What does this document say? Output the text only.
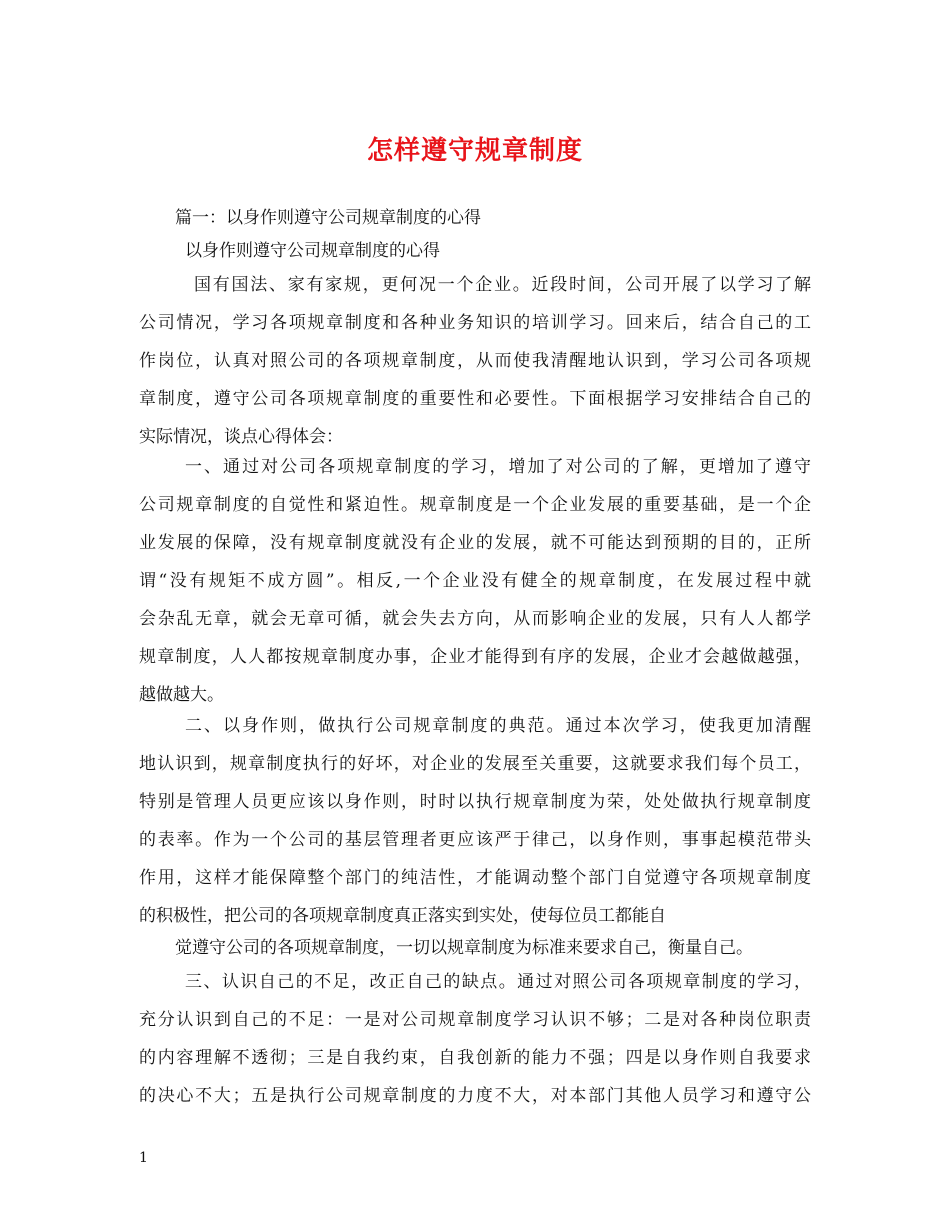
怎样遵守规章制度
篇一：以身作则遵守公司规章制度的心得
以身作则遵守公司规章制度的心得
国有国法、家有家规，更何况一个企业。近段时间，公司开展了以学习了解
公司情况，学习各项规章制度和各种业务知识的培训学习。回来后，结合自己的工
作岗位，认真对照公司的各项规章制度，从而使我清醒地认识到，学习公司各项规
章制度，遵守公司各项规章制度的重要性和必要性。下面根据学习安排结合自己的
实际情况，谈点心得体会：
一、通过对公司各项规章制度的学习，增加了对公司的了解，更增加了遵守
公司规章制度的自觉性和紧迫性。规章制度是一个企业发展的重要基础，是一个企
业发展的保障，没有规章制度就没有企业的发展，就不可能达到预期的目的，正所
谓“没有规矩不成方圆”。相反,一个企业没有健全的规章制度，在发展过程中就
会杂乱无章，就会无章可循，就会失去方向，从而影响企业的发展，只有人人都学
规章制度，人人都按规章制度办事，企业才能得到有序的发展，企业才会越做越强，
越做越大。
二、以身作则，做执行公司规章制度的典范。通过本次学习，使我更加清醒
地认识到，规章制度执行的好坏，对企业的发展至关重要，这就要求我们每个员工，
特别是管理人员更应该以身作则，时时以执行规章制度为荣，处处做执行规章制度
的表率。作为一个公司的基层管理者更应该严于律己，以身作则，事事起模范带头
作用，这样才能保障整个部门的纯洁性，才能调动整个部门自觉遵守各项规章制度
的积极性，把公司的各项规章制度真正落实到实处，使每位员工都能自
觉遵守公司的各项规章制度，一切以规章制度为标准来要求自己，衡量自己。
三、认识自己的不足，改正自己的缺点。通过对照公司各项规章制度的学习，
充分认识到自己的不足：一是对公司规章制度学习认识不够；二是对各种岗位职责
的内容理解不透彻；三是自我约束，自我创新的能力不强；四是以身作则自我要求
的决心不大；五是执行公司规章制度的力度不大，对本部门其他人员学习和遵守公
1
